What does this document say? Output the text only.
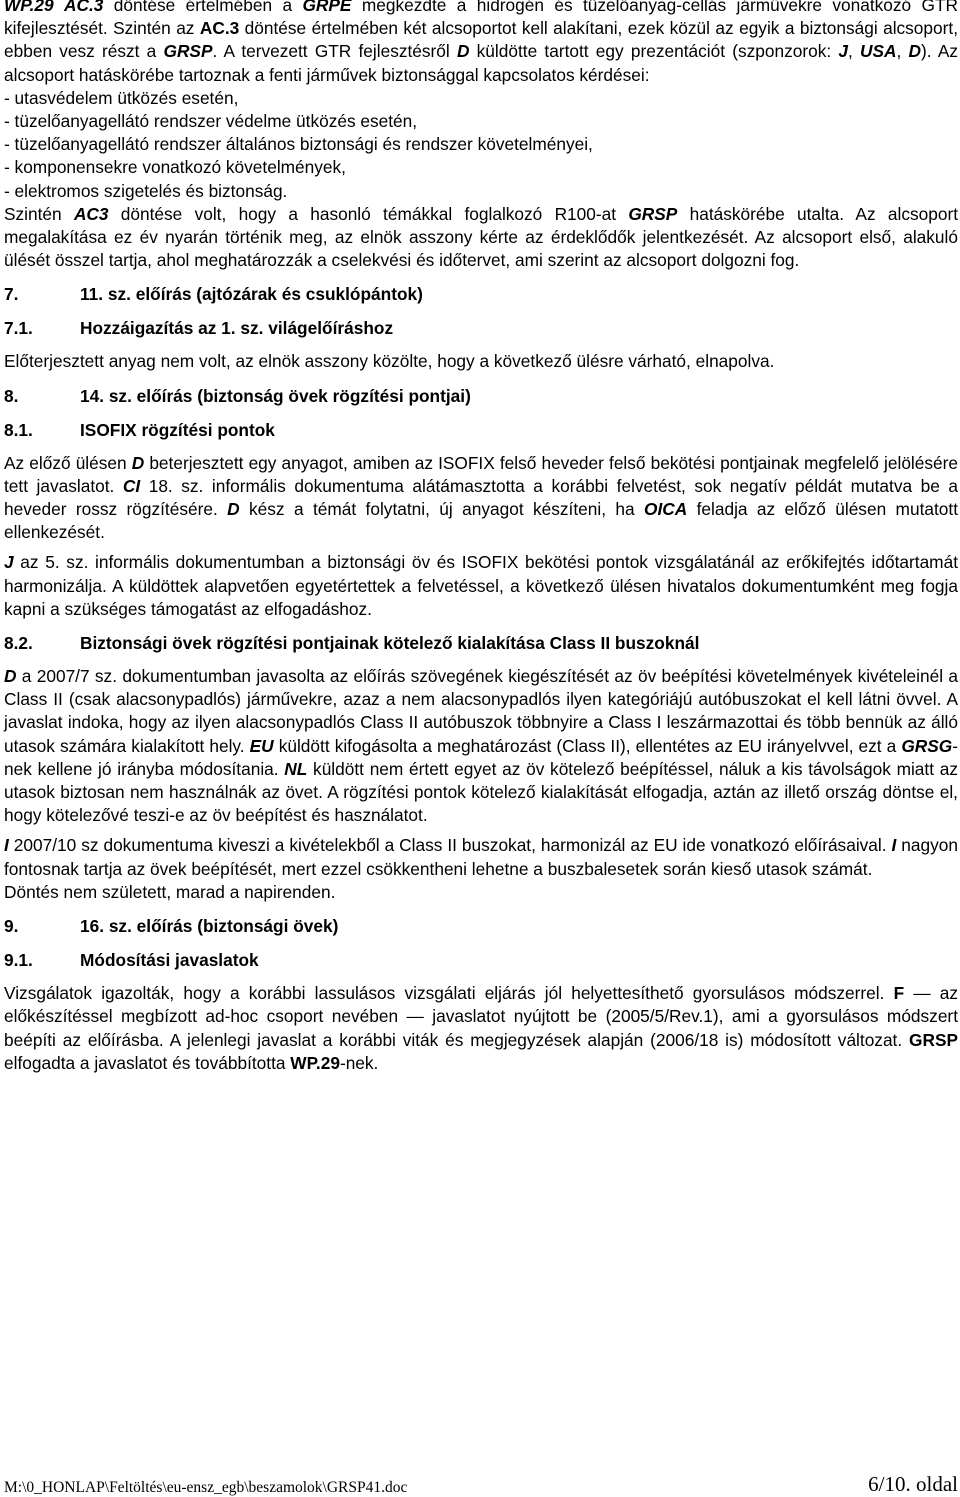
WP.29 AC.3 döntése értelmében a GRPE megkezdte a hidrogén és tüzelőanyag-cellás járművekre vonatkozó GTR kifejlesztését. Szintén az AC.3 döntése értelmében két alcsoportot kell alakítani, ezek közül az egyik a biztonsági alcsoport, ebben vesz részt a GRSP. A tervezett GTR fejlesztésről D küldötte tartott egy prezentációt (szponzorok: J, USA, D). Az alcsoport hatáskörébe tartoznak a fenti járművek biztonsággal kapcsolatos kérdései:

- utasvédelem ütközés esetén,

- tüzelőanyagellátó rendszer védelme ütközés esetén,

- tüzelőanyagellátó rendszer általános biztonsági és rendszer követelményei,

- komponensekre vonatkozó követelmények,

- elektromos szigetelés és biztonság.

Szintén AC3 döntése volt, hogy a hasonló témákkal foglalkozó R100-at GRSP hatáskörébe utalta. Az alcsoport megalakítása ez év nyarán történik meg, az elnök asszony kérte az érdeklődők jelentkezését. Az alcsoport első, alakuló ülését összel tartja, ahol meghatározzák a cselekvési és időtervet, ami szerint az alcsoport dolgozni fog.

7.	11. sz. előírás (ajtózárak és csuklópántok)
7.1.	Hozzáigazítás az 1. sz. világelőíráshoz

Előterjesztett anyag nem volt, az elnök asszony közölte, hogy a következő ülésre várható, elnapolva.

8.	14. sz. előírás (biztonság övek rögzítési pontjai)
8.1.	ISOFIX rögzítési pontok

Az előző ülésen D beterjesztett egy anyagot, amiben az ISOFIX felső heveder felső bekötési pontjainak megfelelő jelölésére tett javaslatot. CI 18. sz. informális dokumentuma alátámasztotta a korábbi felvetést, sok negatív példát mutatva be a heveder rossz rögzítésére. D kész a témát folytatni, új anyagot készíteni, ha OICA feladja az előző ülésen mutatott ellenkezését.

J az 5. sz. informális dokumentumban a biztonsági öv és ISOFIX bekötési pontok vizsgálatánál az erőkifejtés időtartamát harmonizálja. A küldöttek alapvetően egyetértettek a felvetéssel, a következő ülésen hivatalos dokumentumként meg fogja kapni a szükséges támogatást az elfogadáshoz.

8.2.	Biztonsági övek rögzítési pontjainak kötelező kialakítása Class II buszoknál

D a 2007/7 sz. dokumentumban javasolta az előírás szövegének kiegészítését az öv beépítési követelmények kivételeinél a Class II (csak alacsonypadlós) járművekre, azaz a nem alacsonypadlós ilyen kategóriájú autóbuszokat el kell látni övvel. A javaslat indoka, hogy az ilyen alacsonypadlós Class II autóbuszok többnyire a Class I leszármazottai és több bennük az álló utasok számára kialakított hely. EU küldött kifogásolta a meghatározást (Class II), ellentétes az EU irányelvvel, ezt a GRSG-nek kellene jó irányba módosítania. NL küldött nem értett egyet az öv kötelező beépítéssel, náluk a kis távolságok miatt az utasok biztosan nem használnák az övet. A rögzítési pontok kötelező kialakítását elfogadja, aztán az illető ország döntse el, hogy kötelezővé teszi-e az öv beépítést és használatot.

I 2007/10 sz dokumentuma kiveszi a kivételekből a Class II buszokat, harmonizál az EU ide vonatkozó előírásaival. I nagyon fontosnak tartja az övek beépítését, mert ezzel csökkentheni lehetne a buszbalesetek során kieső utasok számát.

Döntés nem született, marad a napirenden.

9.	16. sz. előírás (biztonsági övek)
9.1.	Módosítási javaslatok

Vizsgálatok igazolták, hogy a korábbi lassulásos vizsgálati eljárás jól helyettesíthető gyorsulásos módszerrel. F — az előkészítéssel megbízott ad-hoc csoport nevében — javaslatot nyújtott be (2005/5/Rev.1), ami a gyorsulásos módszert beépíti az előírásba. A jelenlegi javaslat a korábbi viták és megjegyzések alapján (2006/18 is) módosított változat. GRSP elfogadta a javaslatot és továbbította WP.29-nek.

M:\0_HONLAP\Feltöltés\eu-ensz_egb\beszamolok\GRSP41.doc	6/10. oldal
